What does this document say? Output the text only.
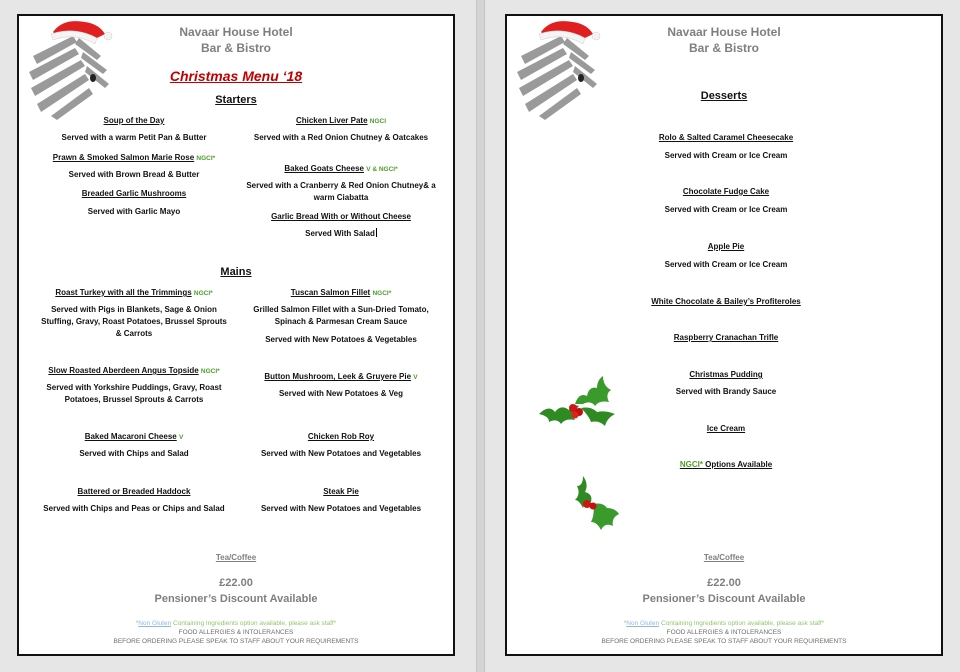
Navaar House Hotel
Bar & Bistro
Christmas Menu ‘18
Starters
Soup of the Day
Served with a warm Petit Pan & Butter
Prawn & Smoked Salmon Marie Rose NGCI*
Served with Brown Bread & Butter
Breaded Garlic Mushrooms
Served with Garlic Mayo
Chicken Liver Pate NGCI
Served with a Red Onion Chutney & Oatcakes
Baked Goats Cheese V & NGCI*
Served with a Cranberry & Red Onion Chutney& a warm Ciabatta
Garlic Bread With or Without Cheese
Served With Salad
Mains
Roast Turkey with all the Trimmings NGCI*
Served with Pigs in Blankets, Sage & Onion Stuffing, Gravy, Roast Potatoes, Brussel Sprouts & Carrots
Slow Roasted Aberdeen Angus Topside NGCI*
Served with Yorkshire Puddings, Gravy, Roast Potatoes, Brussel Sprouts & Carrots
Baked Macaroni Cheese V
Served with Chips and Salad
Battered or Breaded Haddock
Served with Chips and Peas or Chips and Salad
Tuscan Salmon Fillet NGCI*
Grilled Salmon Fillet with a Sun-Dried Tomato, Spinach & Parmesan Cream Sauce
Served with New Potatoes & Vegetables
Button Mushroom, Leek & Gruyere Pie V
Served with New Potatoes & Veg
Chicken Rob Roy
Served with New Potatoes and Vegetables
Steak Pie
Served with New Potatoes and Vegetables
Tea/Coffee
£22.00
Pensioner’s Discount Available
*Non Gluten Containing Ingredients option available, please ask staff*
FOOD ALLERGIES & INTOLERANCES
BEFORE ORDERING PLEASE SPEAK TO STAFF ABOUT YOUR REQUIREMENTS
Navaar House Hotel
Bar & Bistro
Desserts
Rolo & Salted Caramel Cheesecake
Served with Cream or Ice Cream
Chocolate Fudge Cake
Served with Cream or Ice Cream
Apple Pie
Served with Cream or Ice Cream
White Chocolate & Bailey’s Profiteroles
Raspberry Cranachan Trifle
Christmas Pudding
Served with Brandy Sauce
Ice Cream
NGCI* Options Available
Tea/Coffee
£22.00
Pensioner’s Discount Available
*Non Gluten Containing Ingredients option available, please ask staff*
FOOD ALLERGIES & INTOLERANCES
BEFORE ORDERING PLEASE SPEAK TO STAFF ABOUT YOUR REQUIREMENTS
